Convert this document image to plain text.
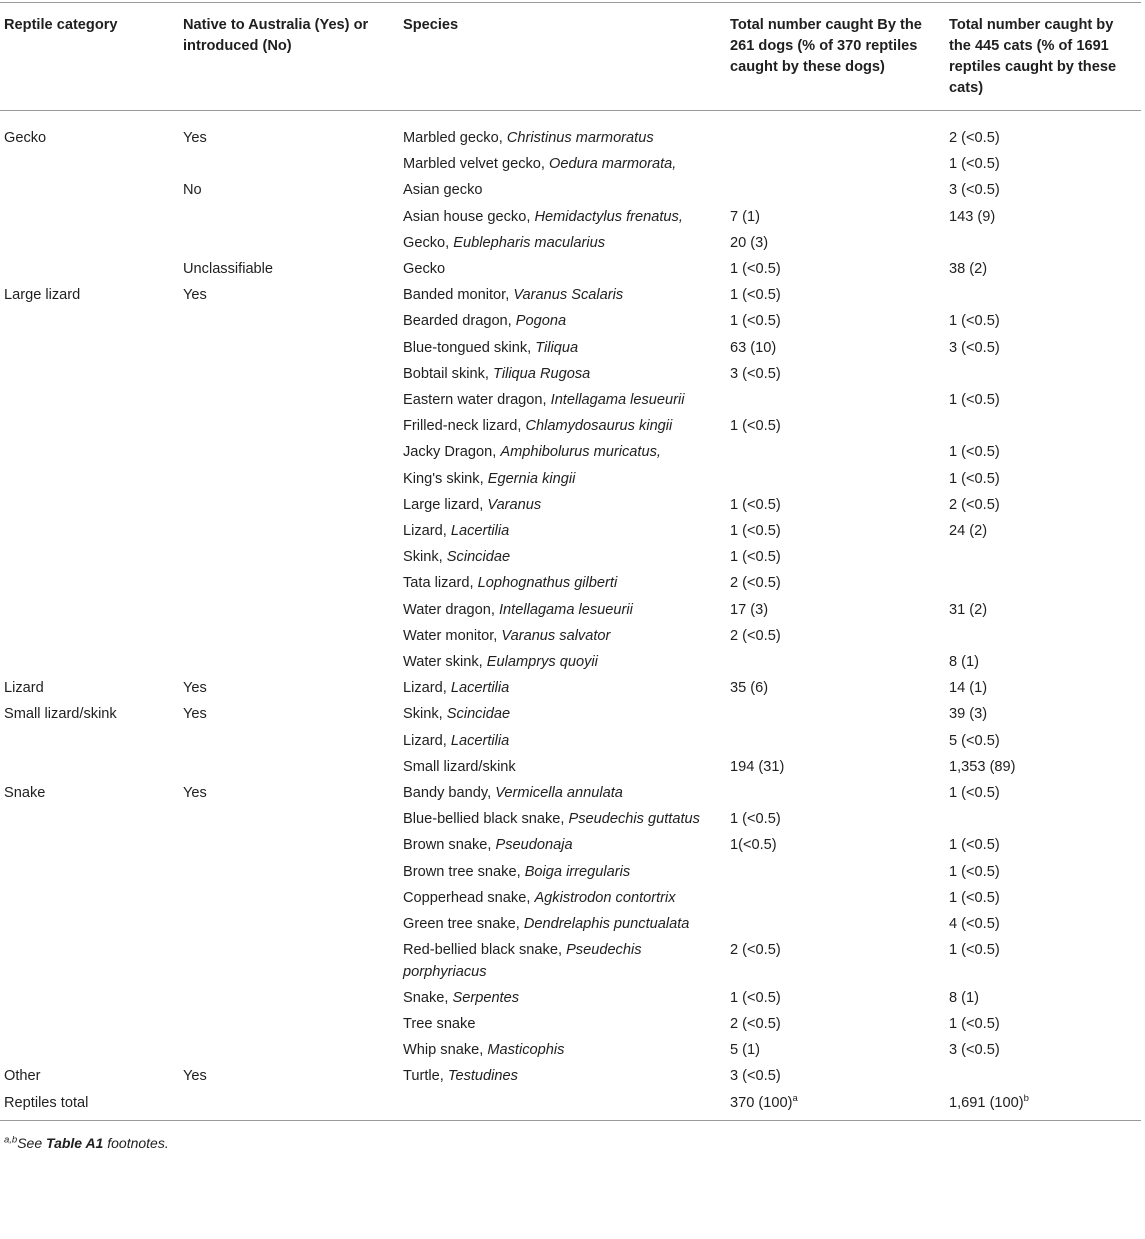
Reptile category	Native to Australia (Yes) or introduced (No)	Species	Total number caught By the 261 dogs (% of 370 reptiles caught by these dogs)	Total number caught by the 445 cats (% of 1691 reptiles caught by these cats)
Gecko	Yes	Marbled gecko, Christinus marmoratus		2 (<0.5)
		Marbled velvet gecko, Oedura marmorata,		1 (<0.5)
	No	Asian gecko		3 (<0.5)
		Asian house gecko, Hemidactylus frenatus,	7 (1)	143 (9)
		Gecko, Eublepharis macularius	20 (3)	
	Unclassifiable	Gecko	1 (<0.5)	38 (2)
Large lizard	Yes	Banded monitor, Varanus Scalaris	1 (<0.5)	
		Bearded dragon, Pogona	1 (<0.5)	1 (<0.5)
		Blue-tongued skink, Tiliqua	63 (10)	3 (<0.5)
		Bobtail skink, Tiliqua Rugosa	3 (<0.5)	
		Eastern water dragon, Intellagama lesueurii		1 (<0.5)
		Frilled-neck lizard, Chlamydosaurus kingii	1 (<0.5)	
		Jacky Dragon, Amphibolurus muricatus,		1 (<0.5)
		King's skink, Egernia kingii		1 (<0.5)
		Large lizard, Varanus	1 (<0.5)	2 (<0.5)
		Lizard, Lacertilia	1 (<0.5)	24 (2)
		Skink, Scincidae	1 (<0.5)	
		Tata lizard, Lophognathus gilberti	2 (<0.5)	
		Water dragon, Intellagama lesueurii	17 (3)	31 (2)
		Water monitor, Varanus salvator	2 (<0.5)	
		Water skink, Eulamprys quoyii		8 (1)
Lizard	Yes	Lizard, Lacertilia	35 (6)	14 (1)
Small lizard/skink	Yes	Skink, Scincidae		39 (3)
		Lizard, Lacertilia		5 (<0.5)
		Small lizard/skink	194 (31)	1,353 (89)
Snake	Yes	Bandy bandy, Vermicella annulata		1 (<0.5)
		Blue-bellied black snake, Pseudechis guttatus	1 (<0.5)	
		Brown snake, Pseudonaja	1(<0.5)	1 (<0.5)
		Brown tree snake, Boiga irregularis		1 (<0.5)
		Copperhead snake, Agkistrodon contortrix		1 (<0.5)
		Green tree snake, Dendrelaphis punctualata		4 (<0.5)
		Red-bellied black snake, Pseudechis porphyriacus	2 (<0.5)	1 (<0.5)
		Snake, Serpentes	1 (<0.5)	8 (1)
		Tree snake	2 (<0.5)	1 (<0.5)
		Whip snake, Masticophis	5 (1)	3 (<0.5)
Other	Yes	Turtle, Testudines	3 (<0.5)	
Reptiles total			370 $(100)^a$	1,691 $(100)^b$
$^{a,b}$See Table A1 footnotes.
